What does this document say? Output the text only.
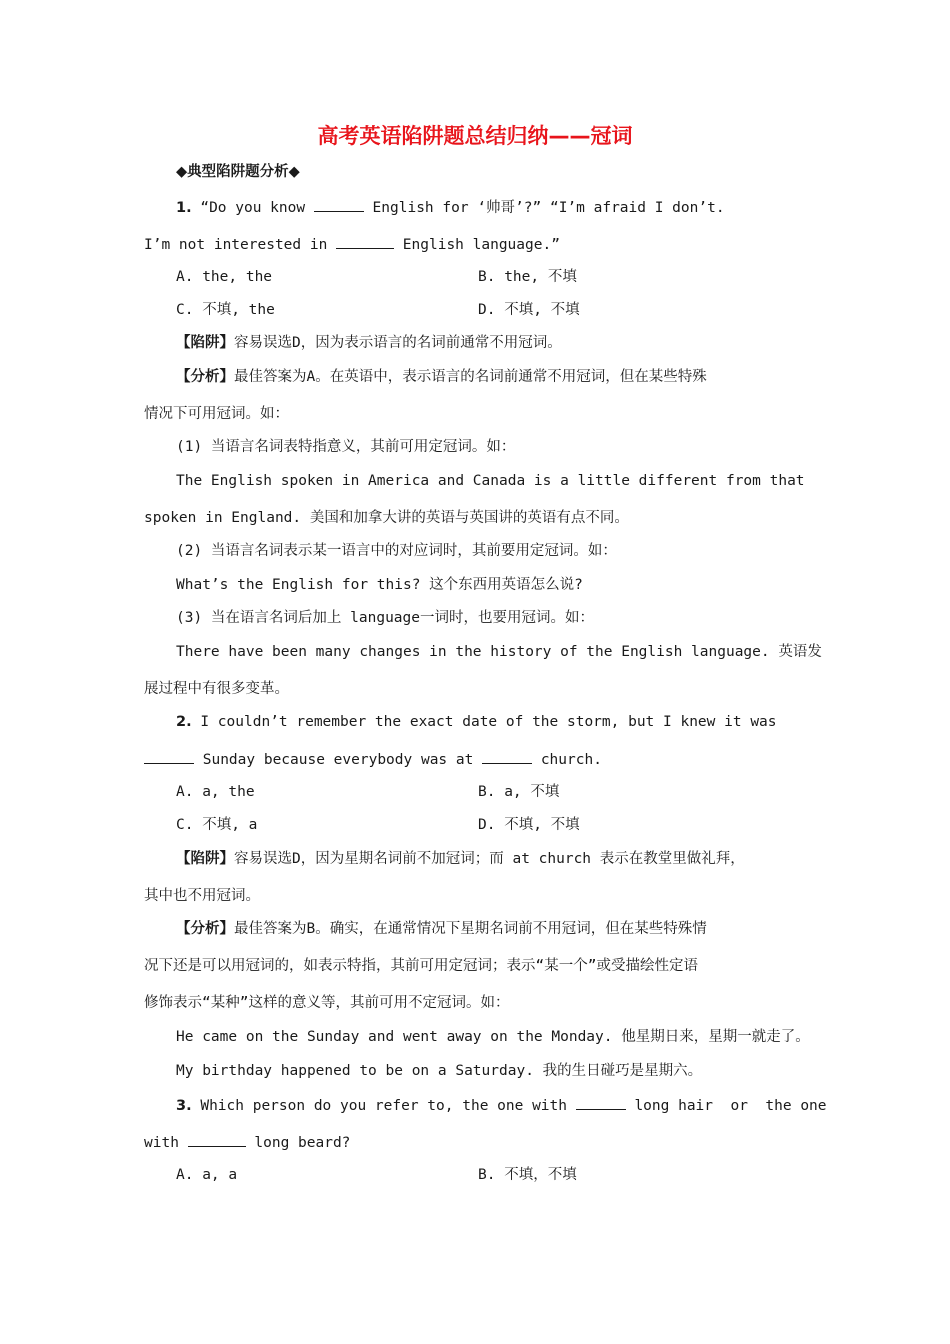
高考英语陷阱题总结归纳——冠词
◆典型陷阱题分析◆
1. “Do you know	English for ‘帅哥’?” “I’m afraid I don’t.
I’m not interested in	English language.”
A. the, the	B. the, 不填
C. 不填, the	D. 不填, 不填
【陷阱】容易误选D，因为表示语言的名词前通常不用冠词。
【分析】最佳答案为A。在英语中，表示语言的名词前通常不用冠词，但在某些特殊
情况下可用冠词。如：
(1) 当语言名词表特指意义，其前可用定冠词。如：
The English spoken in America and Canada is a little different from that
spoken in England. 美国和加拿大讲的英语与英国讲的英语有点不同。
(2) 当语言名词表示某一语言中的对应词时，其前要用定冠词。如：
What’s the English for this? 这个东西用英语怎么说?
(3) 当在语言名词后加上 language一词时，也要用冠词。如：
There have been many changes in the history of the English language. 英语发
展过程中有很多变革。
2. I couldn’t remember the exact date of the storm, but I knew it was
Sunday because everybody was at	church.
A. a, the	B. a, 不填
C. 不填, a	D. 不填, 不填
【陷阱】容易误选D，因为星期名词前不加冠词；而 at church 表示在教堂里做礼拜，
其中也不用冠词。
【分析】最佳答案为B。确实，在通常情况下星期名词前不用冠词，但在某些特殊情
况下还是可以用冠词的，如表示特指，其前可用定冠词；表示“某一个”或受描绘性定语
修饰表示“某种”这样的意义等，其前可用不定冠词。如：
He came on the Sunday and went away on the Monday. 他星期日来，星期一就走了。
My birthday happened to be on a Saturday. 我的生日碰巧是星期六。
3. Which person do you refer to, the one with	long hair  or  the one
with	long beard?
A. a, a	B. 不填，不填
